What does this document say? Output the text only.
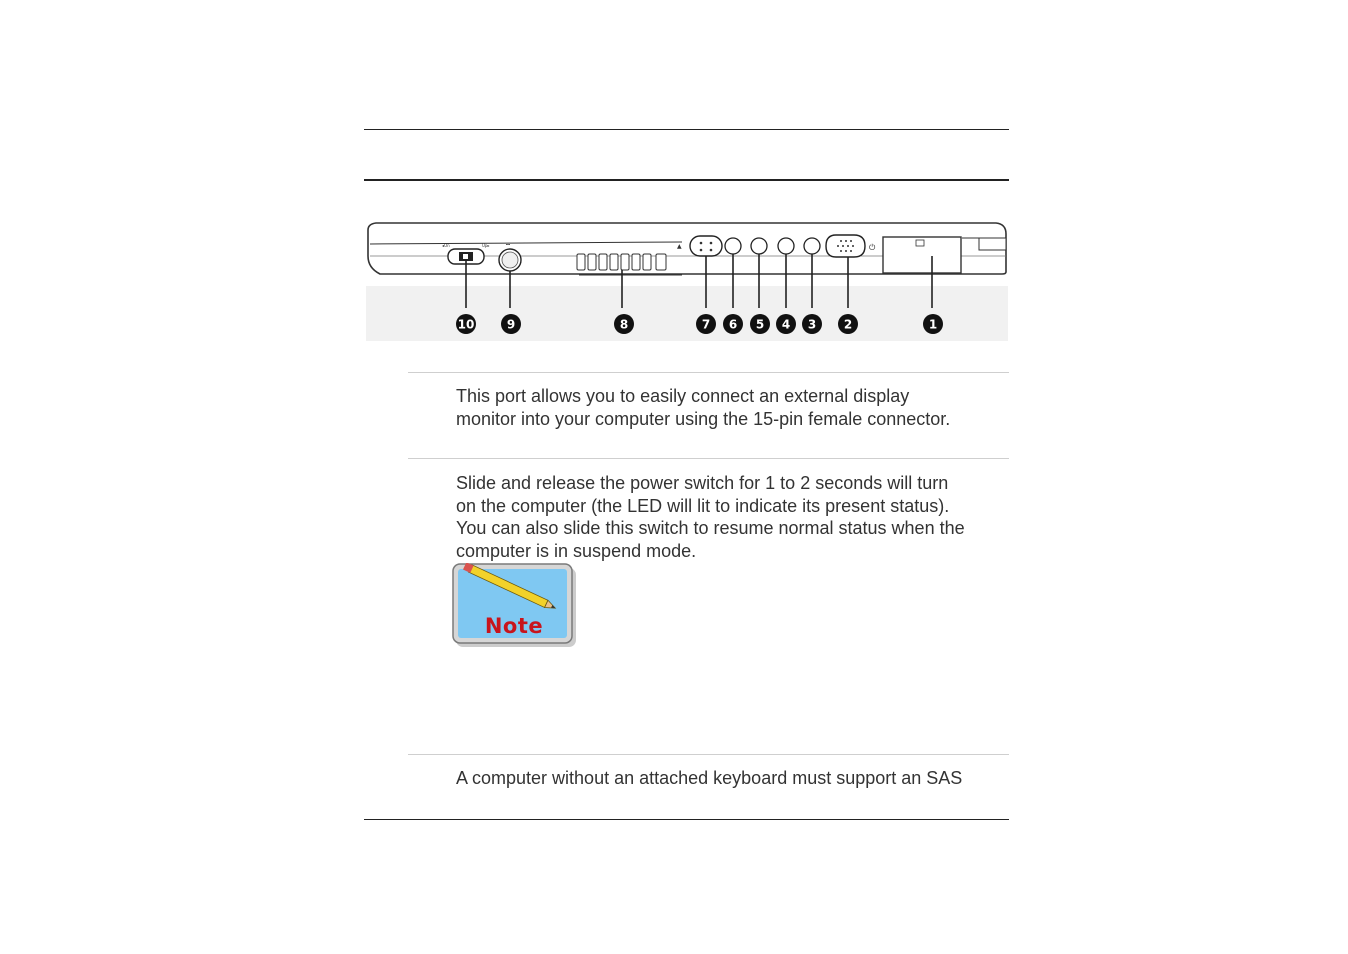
◂On	Up▸	⎓	▲	⏻
10	9	8	7 6 5 4 3 2	1

This port allows you to easily connect an external display
monitor into your computer using the 15-pin female connector.

Slide and release the power switch for 1 to 2 seconds will turn
on the computer (the LED will lit to indicate its present status).
You can also slide this switch to resume normal status when the
computer is in suspend mode.

Note

A computer without an attached keyboard must support an SAS
